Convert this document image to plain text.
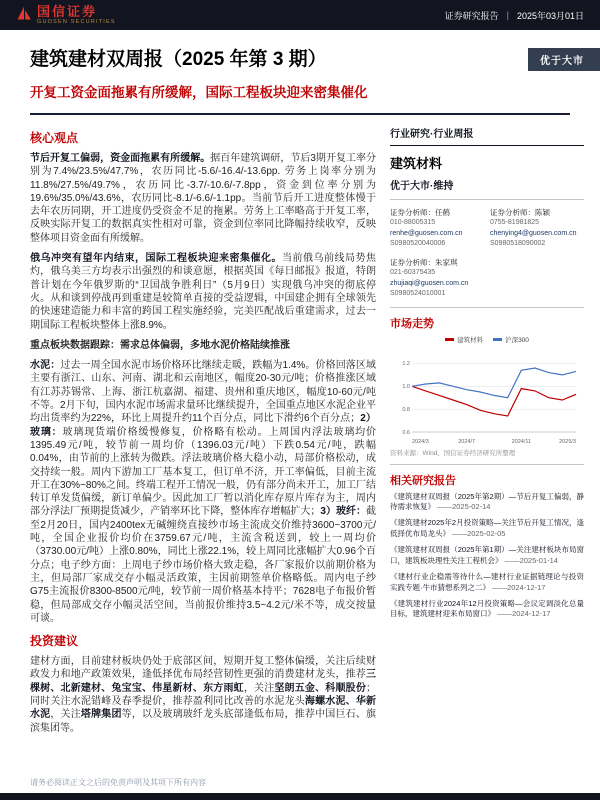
国信证券
GUOSEN SECURITIES
证券研究报告 | 2025年03月01日
优于大市
建筑建材双周报（2025 年第 3 期）
开复工资金面拖累有所缓解，国际工程板块迎来密集催化
核心观点

节后开复工偏弱，资金面拖累有所缓解。据百年建筑调研，节后3期开复工率分别为7.4%/23.5%/47.7%，农历同比-5.6/-16.4/-13.6pp. 劳务上岗率分别为11.8%/27.5%/49.7%，农历同比-3.7/-10.6/-7.8pp，资金到位率分别为19.6%/35.0%/43.6%，农历同比-8.1/-6.6/-1.1pp。当前节后开工进度整体慢于去年农历同期，开工进度仍受资金不足的拖累。劳务上工率略高于开复工率，反映实际开复工的数据真实性相对可靠，资金到位率同比降幅持续收窄，反映整体项目资金面有所缓解。

俄乌冲突有望年内结束，国际工程板块迎来密集催化。当前俄乌前线局势焦灼，俄乌美三方均表示出强烈的和谈意愿，根据英国《每日邮报》报道，特朗普计划在今年俄罗斯的“卫国战争胜利日”（5月9日）实现俄乌冲突的彻底停火。从和谈到停战再到重建是较简单直接的受益逻辑，中国建企拥有全球领先的快速建造能力和丰富的跨国工程实施经验，完美匹配战后重建需求，过去一期国际工程板块整体上涨8.9%。

重点板块数据跟踪：需求总体偏弱，多地水泥价格陆续推涨

水泥：过去一周全国水泥市场价格环比继续走暖，跌幅为1.4%。价格回落区域主要有浙江、山东、河南、湖北和云南地区，幅度20-30元/吨；价格推涨区域有江苏苏锡常、上海、浙江杭嘉湖、福建、贵州和重庆地区，幅度10-60元/吨不等。2月下旬，国内水泥市场需求量环比继续提升，全国重点地区水泥企业平均出货率约为22%，环比上周提升约11个百分点，同比下滑约6个百分点；2）玻璃：玻璃现货端价格缓慢修复，价格略有松动。上周国内浮法玻璃均价1395.49元/吨，较节前一周均价（1396.03元/吨）下跌0.54元/吨，跌幅0.04%，由节前的上涨转为微跌。浮法玻璃价格大稳小动，局部价格松动，成交持续一般。周内下游加工厂基本复工，但订单不济，开工率偏低，目前主流开工在30%~80%之间。终端工程开工情况一般，仍有部分尚未开工，加工厂结转订单发货偏缓，新订单偏少。因此加工厂暂以消化库存原片库存为主，周内部分浮法厂预期提货减少，产销率环比下降，整体库存增幅扩大；3）玻纤：截至2月20日，国内2400tex无碱缠绕直接纱市场主流成交价维持3600~3700元/吨，全国企业报价均价在3759.67元/吨，主流含税送到，较上一周均价（3730.00元/吨）上涨0.80%，同比上涨22.1%，较上周同比涨幅扩大0.96个百分点；电子纱方面：上周电子纱市场价格大致走稳，各厂家报价以前期价格为主，但局部厂家成交存小幅灵活政策，主因前期签单价格略低。周内电子纱G75主流报价8300-8500元/吨，较节前一周价格基本持平；7628电子布报价暂稳，但局部成交存小幅灵活空间，当前报价维持3.5~4.2元/米不等，成交按量可谈。

投资建议

建材方面，目前建材板块仍处于底部区间，短期开复工整体偏缓，关注后续财政发力和地产政策效果，逢低择优布局经营韧性更强的消费建材龙头，推荐三棵树、北新建材、兔宝宝、伟星新材、东方雨虹，关注坚朗五金、科顺股份；同时关注水泥错峰及春季提价，推荐盈利同比改善的水泥龙头海螺水泥、华新水泥，关注塔牌集团等，以及玻璃玻纤龙头底部逢低布局，推荐中国巨石、旗滨集团等。

行业研究·行业周报
建筑材料
优于大市·维持
证券分析师：任鹤
010-88005315
renhe@guosen.com.cn
S0980520040006
证券分析师：陈颖
0755-81981825
chenying4@guosen.com.cn
S0980518090002
证券分析师：朱家琪
021-60375435
zhujiaqi@guosen.com.cn
S0980524010001
市场走势
建筑材料	沪深300
0.6
0.8
1.0
1.2
2024/3	2024/7	2024/11	2025/3
资料来源：Wind、国信证券经济研究所整理
相关研究报告
《建筑建材双周报（2025年第2期）—节后开复工偏弱，静待需求恢复》 ——2025-02-14
《建筑建材2025年2月投资策略—关注节后开复工情况，逢低择优布局龙头》 ——2025-02-05
《建筑建材双周报（2025年第1期）—关注建材板块布局窗口，建筑板块理性关注工程机会》 ——2025-01-14
《建材行业企稳需等待什么—建材行业证据链理论与投资实践专题·牛市猜想系列之二》 ——2024-12-17
《建筑建材行业2024年12月投资策略—会议定调淡化总量目标，建筑建材迎来布局窗口》 ——2024-12-17
请务必阅读正文之后的免责声明及其项下所有内容
